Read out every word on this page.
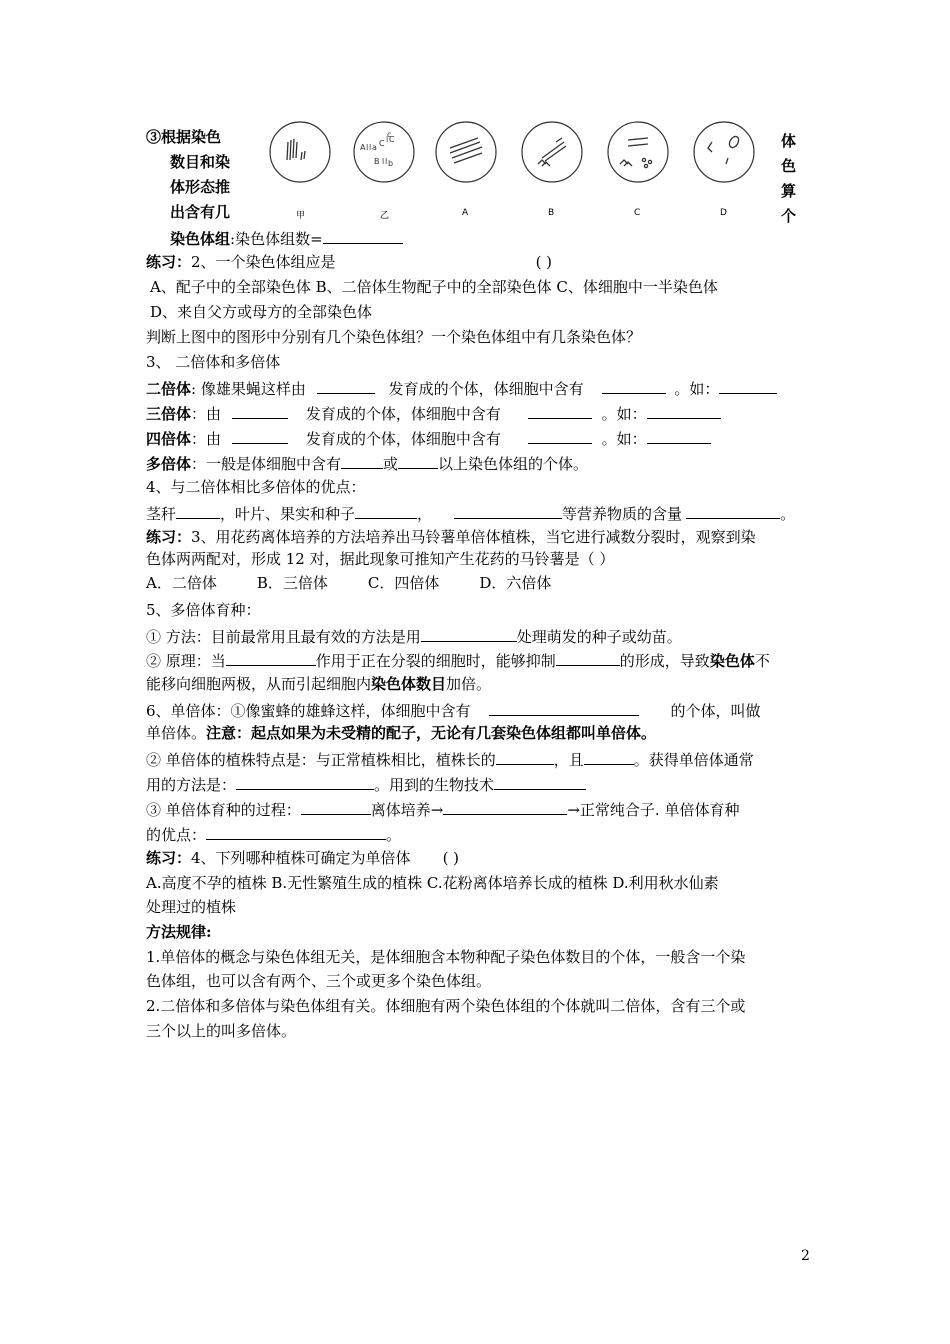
③根据染色
数目和染
体形态推
出含有几
染色体组:染色体组数=
体
色
算
个
甲
A l l a C l C
c
B l l b
乙	A	B	C	D
练习：2、一个染色体组应是	( )
A、配子中的全部染色体 B、二倍体生物配子中的全部染色体 C、体细胞中一半染色体
D、来自父方或母方的全部染色体
判断上图中的图形中分别有几个染色体组？一个染色体组中有几条染色体？
3、 二倍体和多倍体
二倍体: 像雄果蝇这样由	发育成的个体，体细胞中含有	。如：
三倍体：由	发育成的个体，体细胞中含有	。如：
四倍体：由	发育成的个体，体细胞中含有	。如：
多倍体：一般是体细胞中含有	或	以上染色体组的个体。
4、与二倍体相比多倍体的优点：
茎秆	，叶片、果实和种子	，	等营养物质的含量	。
练习：3、用花药离体培养的方法培养出马铃薯单倍体植株，当它进行减数分裂时，观察到染
色体两两配对，形成 12 对，据此现象可推知产生花药的马铃薯是（ ）
A．二倍体	B．三倍体	C．四倍体	D．六倍体
5、多倍体育种：
① 方法：目前最常用且最有效的方法是用	处理萌发的种子或幼苗。
② 原理：当	作用于正在分裂的细胞时，能够抑制	的形成，导致染色体不
能移向细胞两极，从而引起细胞内染色体数目加倍。
6、单倍体：①像蜜蜂的雄蜂这样，体细胞中含有	的个体，叫做
单倍体。注意：起点如果为未受精的配子，无论有几套染色体组都叫单倍体。
② 单倍体的植株特点是：与正常植株相比，植株长的	，且	。获得单倍体通常
用的方法是：	。用到的生物技术
③ 单倍体育种的过程：	离体培养→	→正常纯合子. 单倍体育种
的优点：	。
练习：4、下列哪种植株可确定为单倍体 ( )
A.高度不孕的植株 B.无性繁殖生成的植株 C.花粉离体培养长成的植株 D.利用秋水仙素
处理过的植株
方法规律:
1.单倍体的概念与染色体组无关，是体细胞含本物种配子染色体数目的个体，一般含一个染
色体组，也可以含有两个、三个或更多个染色体组。
2.二倍体和多倍体与染色体组有关。体细胞有两个染色体组的个体就叫二倍体，含有三个或
三个以上的叫多倍体。
2
